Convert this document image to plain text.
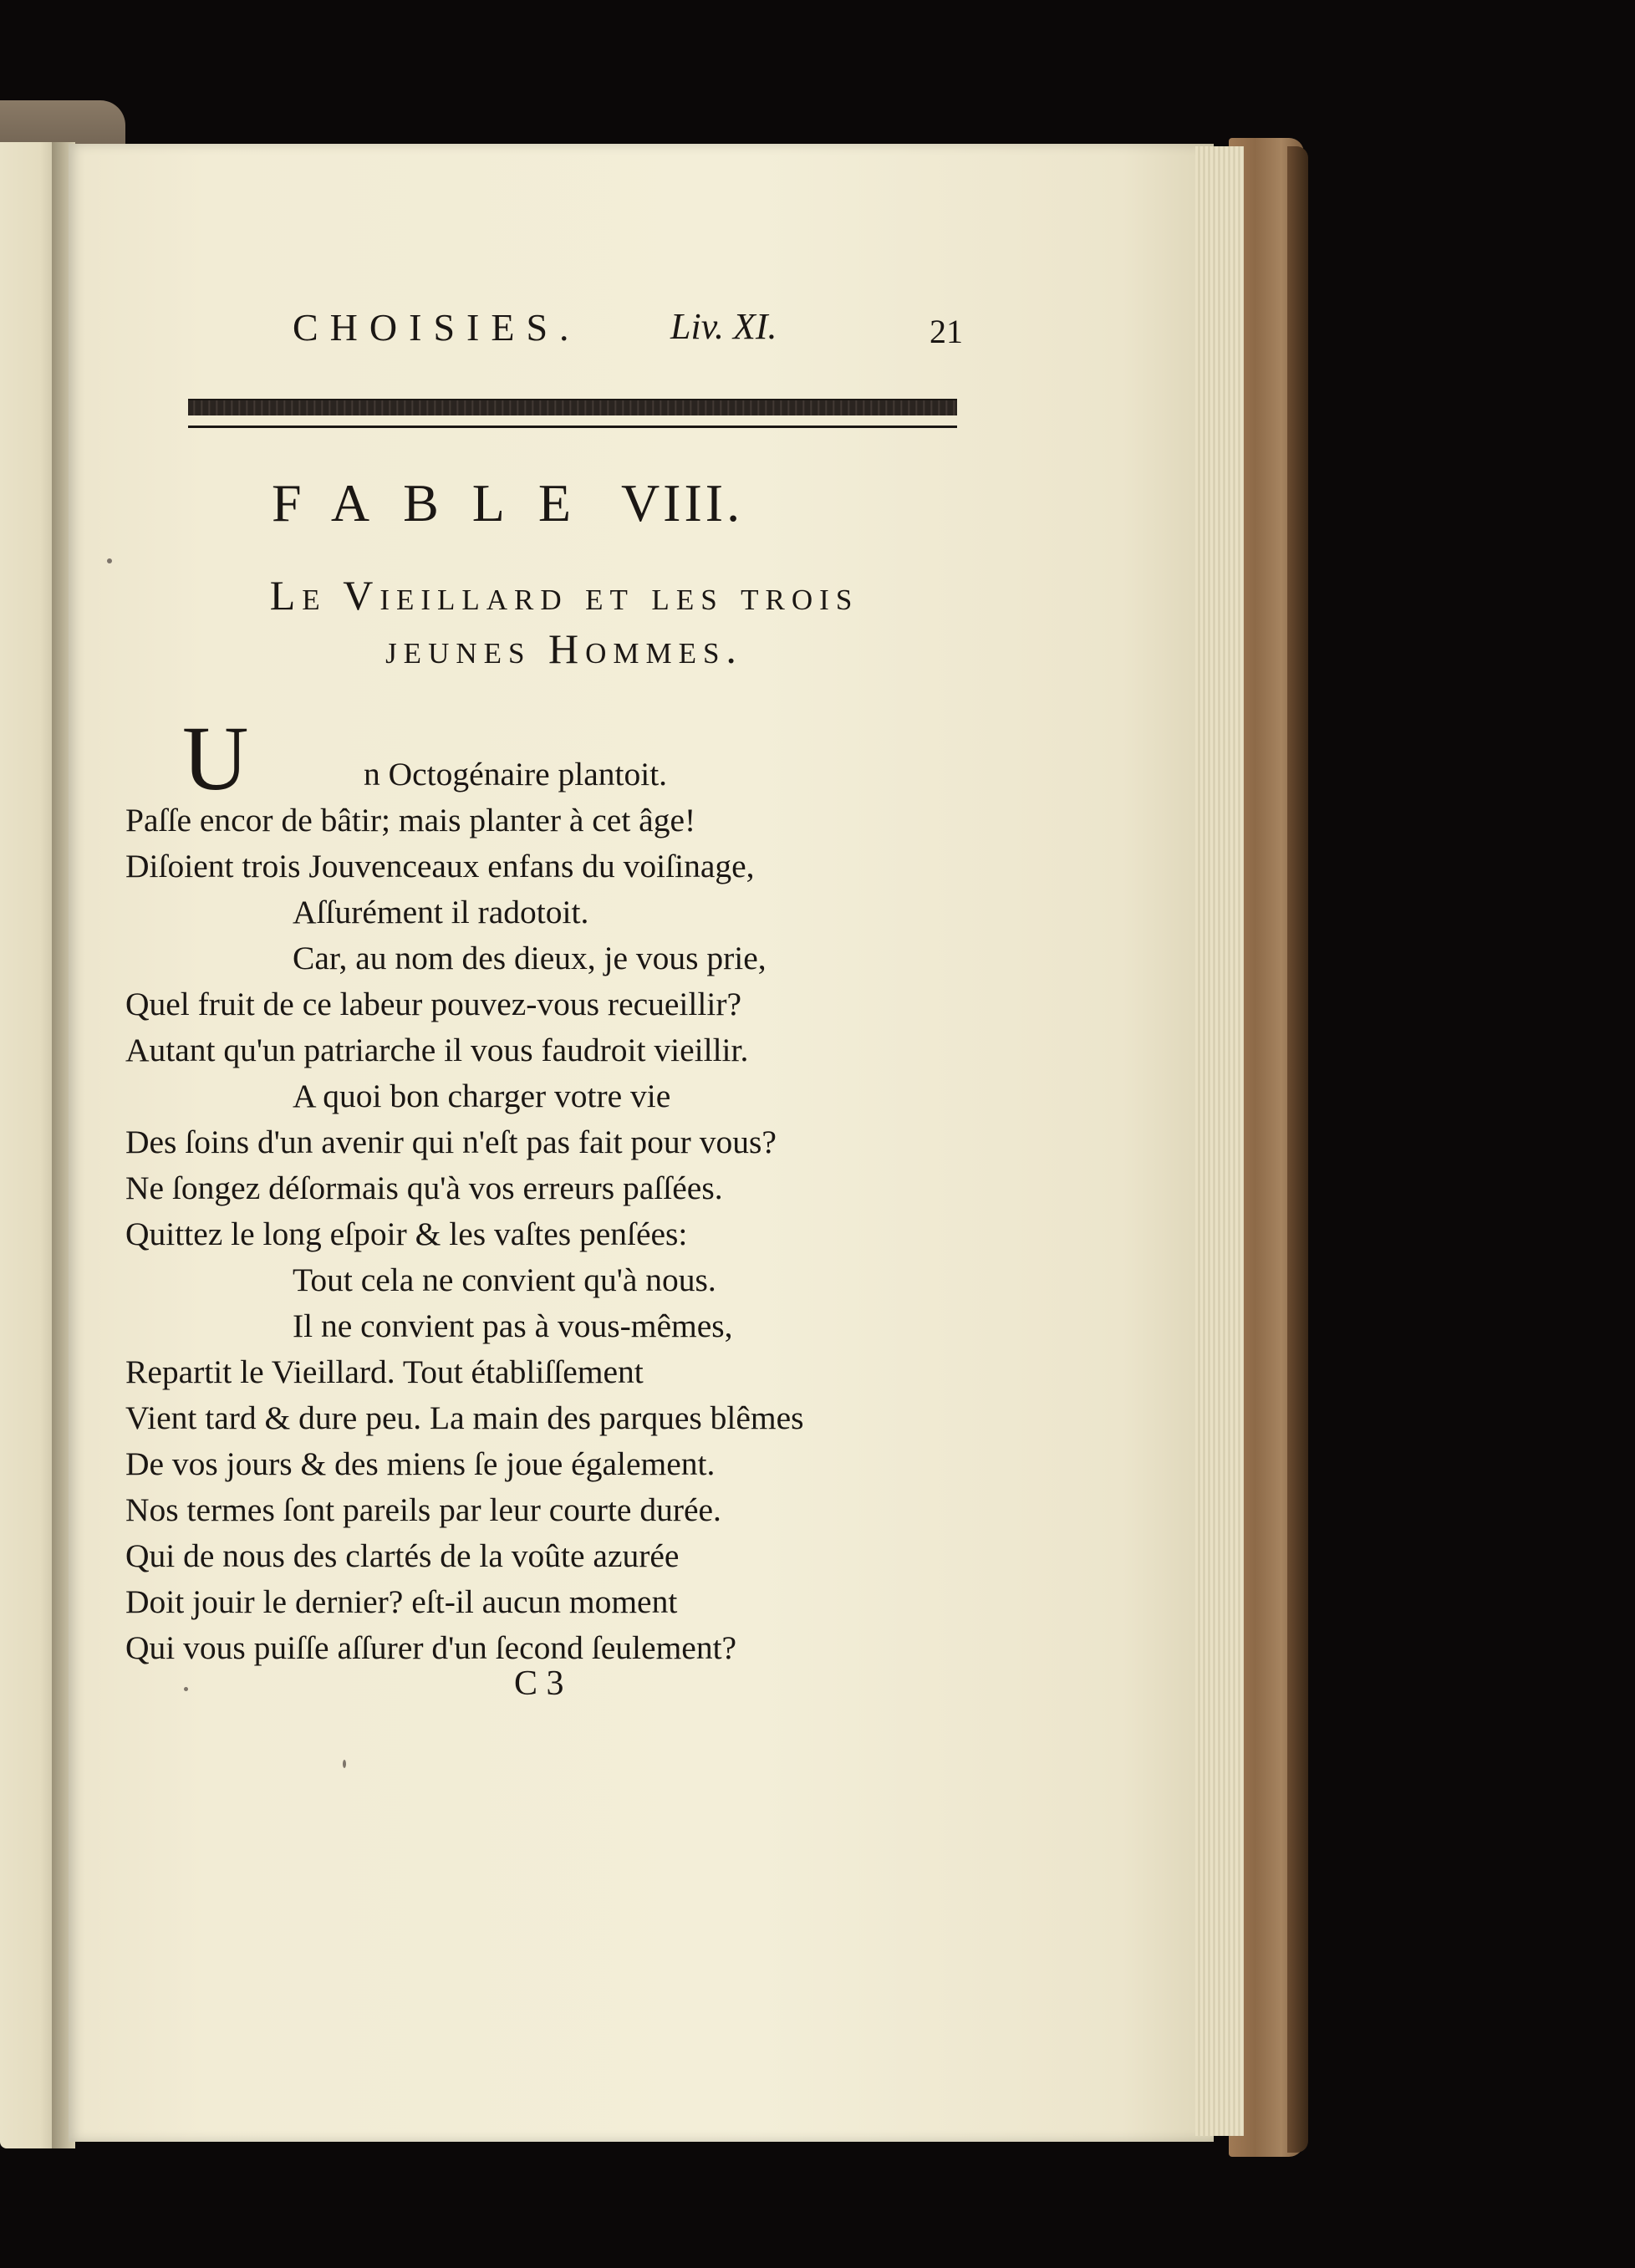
CHOISIES. Liv. XI.	21
FABLE VIII.
Le Vieillard et les trois
jeunes Hommes.
U	n Octogénaire plantoit.
Paſſe encor de bâtir; mais planter à cet âge!
Diſoient trois Jouvenceaux enfans du voiſinage,
Aſſurément il radotoit.
Car, au nom des dieux, je vous prie,
Quel fruit de ce labeur pouvez-vous recueillir?
Autant qu'un patriarche il vous faudroit vieillir.
A quoi bon charger votre vie
Des ſoins d'un avenir qui n'eſt pas fait pour vous?
Ne ſongez déſormais qu'à vos erreurs paſſées.
Quittez le long eſpoir & les vaſtes penſées:
Tout cela ne convient qu'à nous.
Il ne convient pas à vous-mêmes,
Repartit le Vieillard. Tout établiſſement
Vient tard & dure peu. La main des parques blêmes
De vos jours & des miens ſe joue également.
Nos termes ſont pareils par leur courte durée.
Qui de nous des clartés de la voûte azurée
Doit jouir le dernier? eſt-il aucun moment
Qui vous puiſſe aſſurer d'un ſecond ſeulement?
C 3
